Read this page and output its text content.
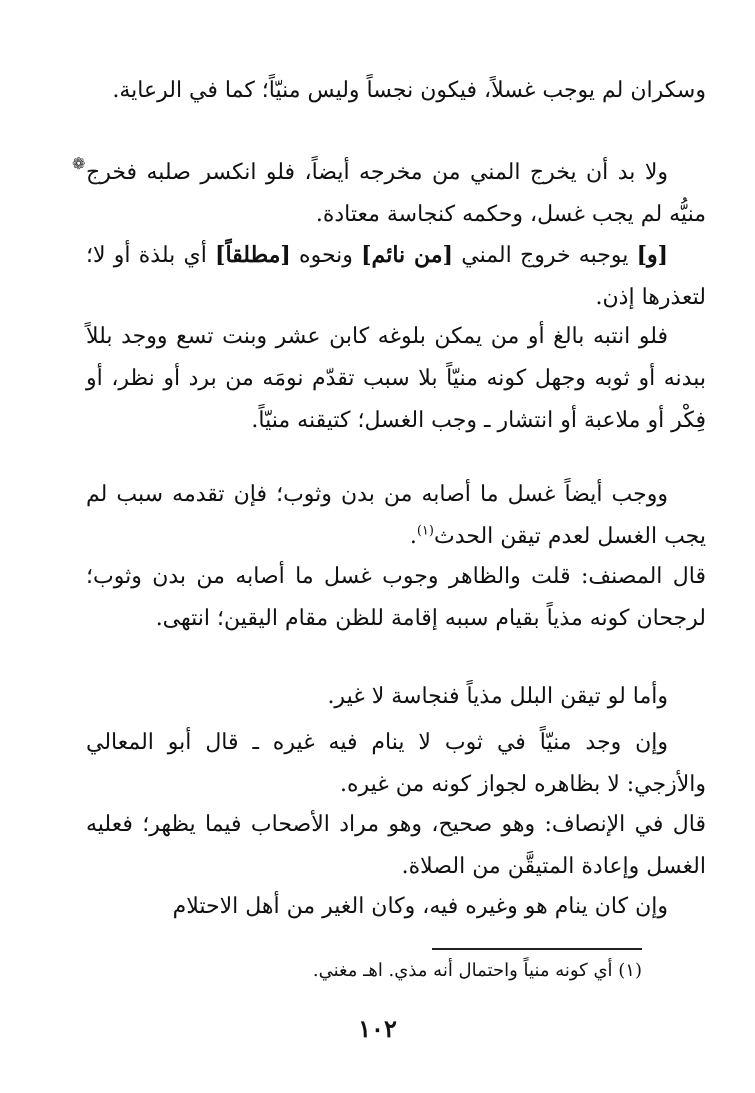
❁

وسكران لم يوجب غسلاً، فيكون نجساً وليس منيّاً؛ كما في الرعاية.

ولا بد أن يخرج المني من مخرجه أيضاً، فلو انكسر صلبه فخرج منيُّه لم يجب غسل، وحكمه كنجاسة معتادة.

[و] يوجبه خروج المني [من نائم] ونحوه [مطلقاً] أي بلذة أو لا؛ لتعذرها إذن.

فلو انتبه بالغ أو من يمكن بلوغه كابن عشر وبنت تسع ووجد بللاً ببدنه أو ثوبه وجهل كونه منيّاً بلا سبب تقدّم نومَه من برد أو نظر، أو فِكْر أو ملاعبة أو انتشار ـ وجب الغسل؛ كتيقنه منيّاً.

ووجب أيضاً غسل ما أصابه من بدن وثوب؛ فإن تقدمه سبب لم يجب الغسل لعدم تيقن الحدث$^{(١)}$.

قال المصنف: قلت والظاهر وجوب غسل ما أصابه من بدن وثوب؛ لرجحان كونه مذياً بقيام سببه إقامة للظن مقام اليقين؛ انتهى.

وأما لو تيقن البلل مذياً فنجاسة لا غير.

وإن وجد منيّاً في ثوب لا ينام فيه غيره ـ قال أبو المعالي والأزجي: لا بظاهره لجواز كونه من غيره.

قال في الإنصاف: وهو صحيح، وهو مراد الأصحاب فيما يظهر؛ فعليه الغسل وإعادة المتيقَّن من الصلاة.

وإن كان ينام هو وغيره فيه، وكان الغير من أهل الاحتلام

(١) أي كونه منياً واحتمال أنه مذي. اهـ مغني.

١٠٢
